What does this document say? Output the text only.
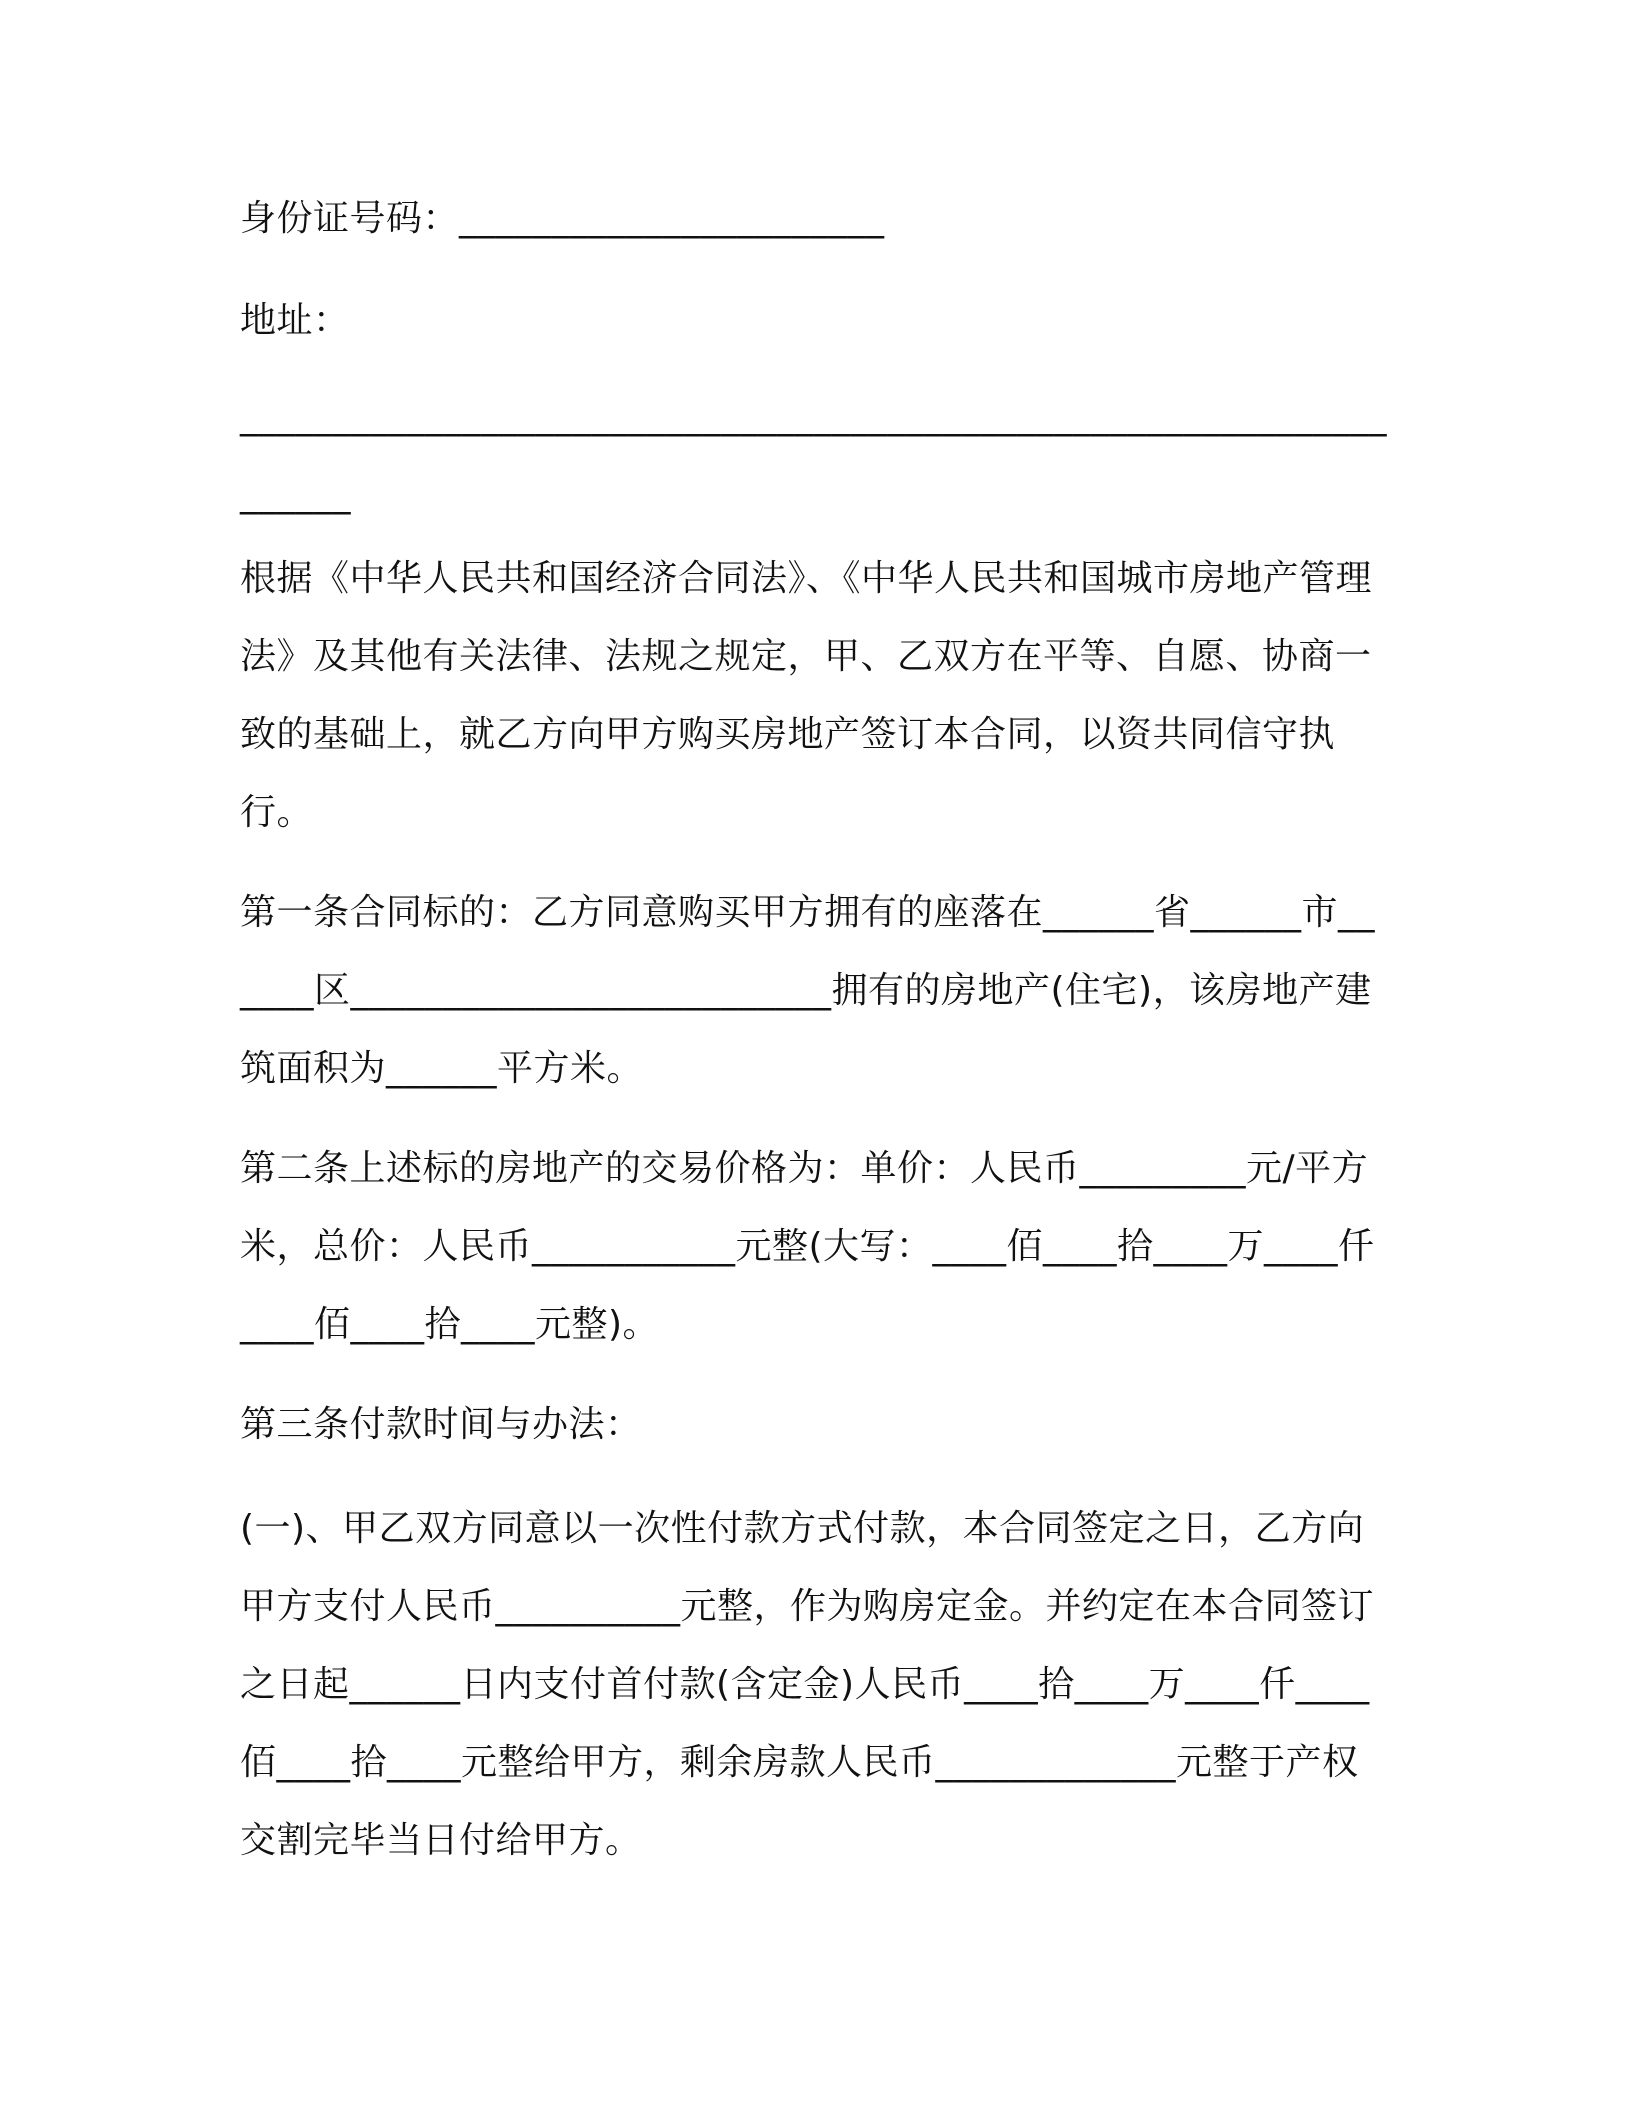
身份证号码：_______________________

地址：

____________________________________________________________________

根据《中华人民共和国经济合同法》、《中华人民共和国城市房地产管理法》及其他有关法律、法规之规定，甲、乙双方在平等、自愿、协商一致的基础上，就乙方向甲方购买房地产签订本合同，以资共同信守执行。

第一条合同标的：乙方同意购买甲方拥有的座落在______省______市______区__________________________拥有的房地产(住宅)，该房地产建筑面积为______平方米。

第二条上述标的房地产的交易价格为：单价：人民币_________元/平方米，总价：人民币___________元整(大写：____佰____拾____万____仟____佰____拾____元整)。

第三条付款时间与办法：

(一)、甲乙双方同意以一次性付款方式付款，本合同签定之日，乙方向甲方支付人民币__________元整，作为购房定金。并约定在本合同签订之日起______日内支付首付款(含定金)人民币____拾____万____仟____佰____拾____元整给甲方，剩余房款人民币_____________元整于产权交割完毕当日付给甲方。
